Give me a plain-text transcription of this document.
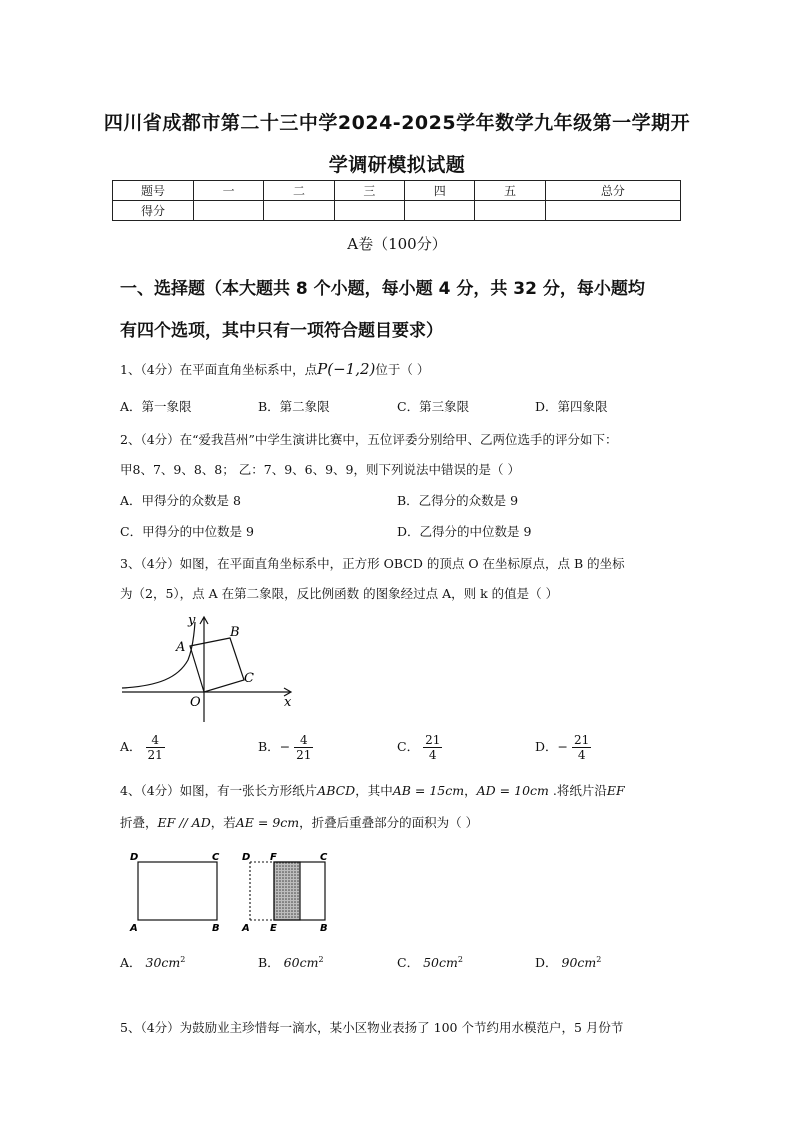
四川省成都市第二十三中学2024-2025学年数学九年级第一学期开
学调研模拟试题
题号	一	二	三	四	五	总分
得分						
A卷（100分）
一、选择题（本大题共 8 个小题，每小题 4 分，共 32 分，每小题均
有四个选项，其中只有一项符合题目要求）
1、（4分）在平面直角坐标系中，点P(−1,2)位于（ ）
A．第一象限	B．第二象限	C．第三象限	D．第四象限
2、（4分）在“爱我莒州”中学生演讲比赛中，五位评委分别给甲、乙两位选手的评分如下：
甲8、7、9、8、8； 乙：7、9、6、9、9，则下列说法中错误的是（ ）
A．甲得分的众数是 8	B．乙得分的众数是 9
C．甲得分的中位数是 9	D．乙得分的中位数是 9
3、（4分）如图，在平面直角坐标系中，正方形 OBCD 的顶点 O 在坐标原点，点 B 的坐标
为（2，5），点 A 在第二象限，反比例函数 的图象经过点 A，则 k 的值是（ ）
y
A
B
C
O	x
A． $\frac{4}{21}$	B．− $\frac{4}{21}$	C． $\frac{21}{4}$	D．− $\frac{21}{4}$
4、（4分）如图，有一张长方形纸片ABCD，其中AB = 15cm，AD = 10cm .将纸片沿EF
折叠，EF // AD，若AE = 9cm，折叠后重叠部分的面积为（ ）
D	C
A	B
D F	C
A E	B
A． $30cm^2$	B． $60cm^2$	C． $50cm^2$	D． $90cm^2$
5、（4分）为鼓励业主珍惜每一滴水，某小区物业表扬了 100 个节约用水模范户，5 月份节
